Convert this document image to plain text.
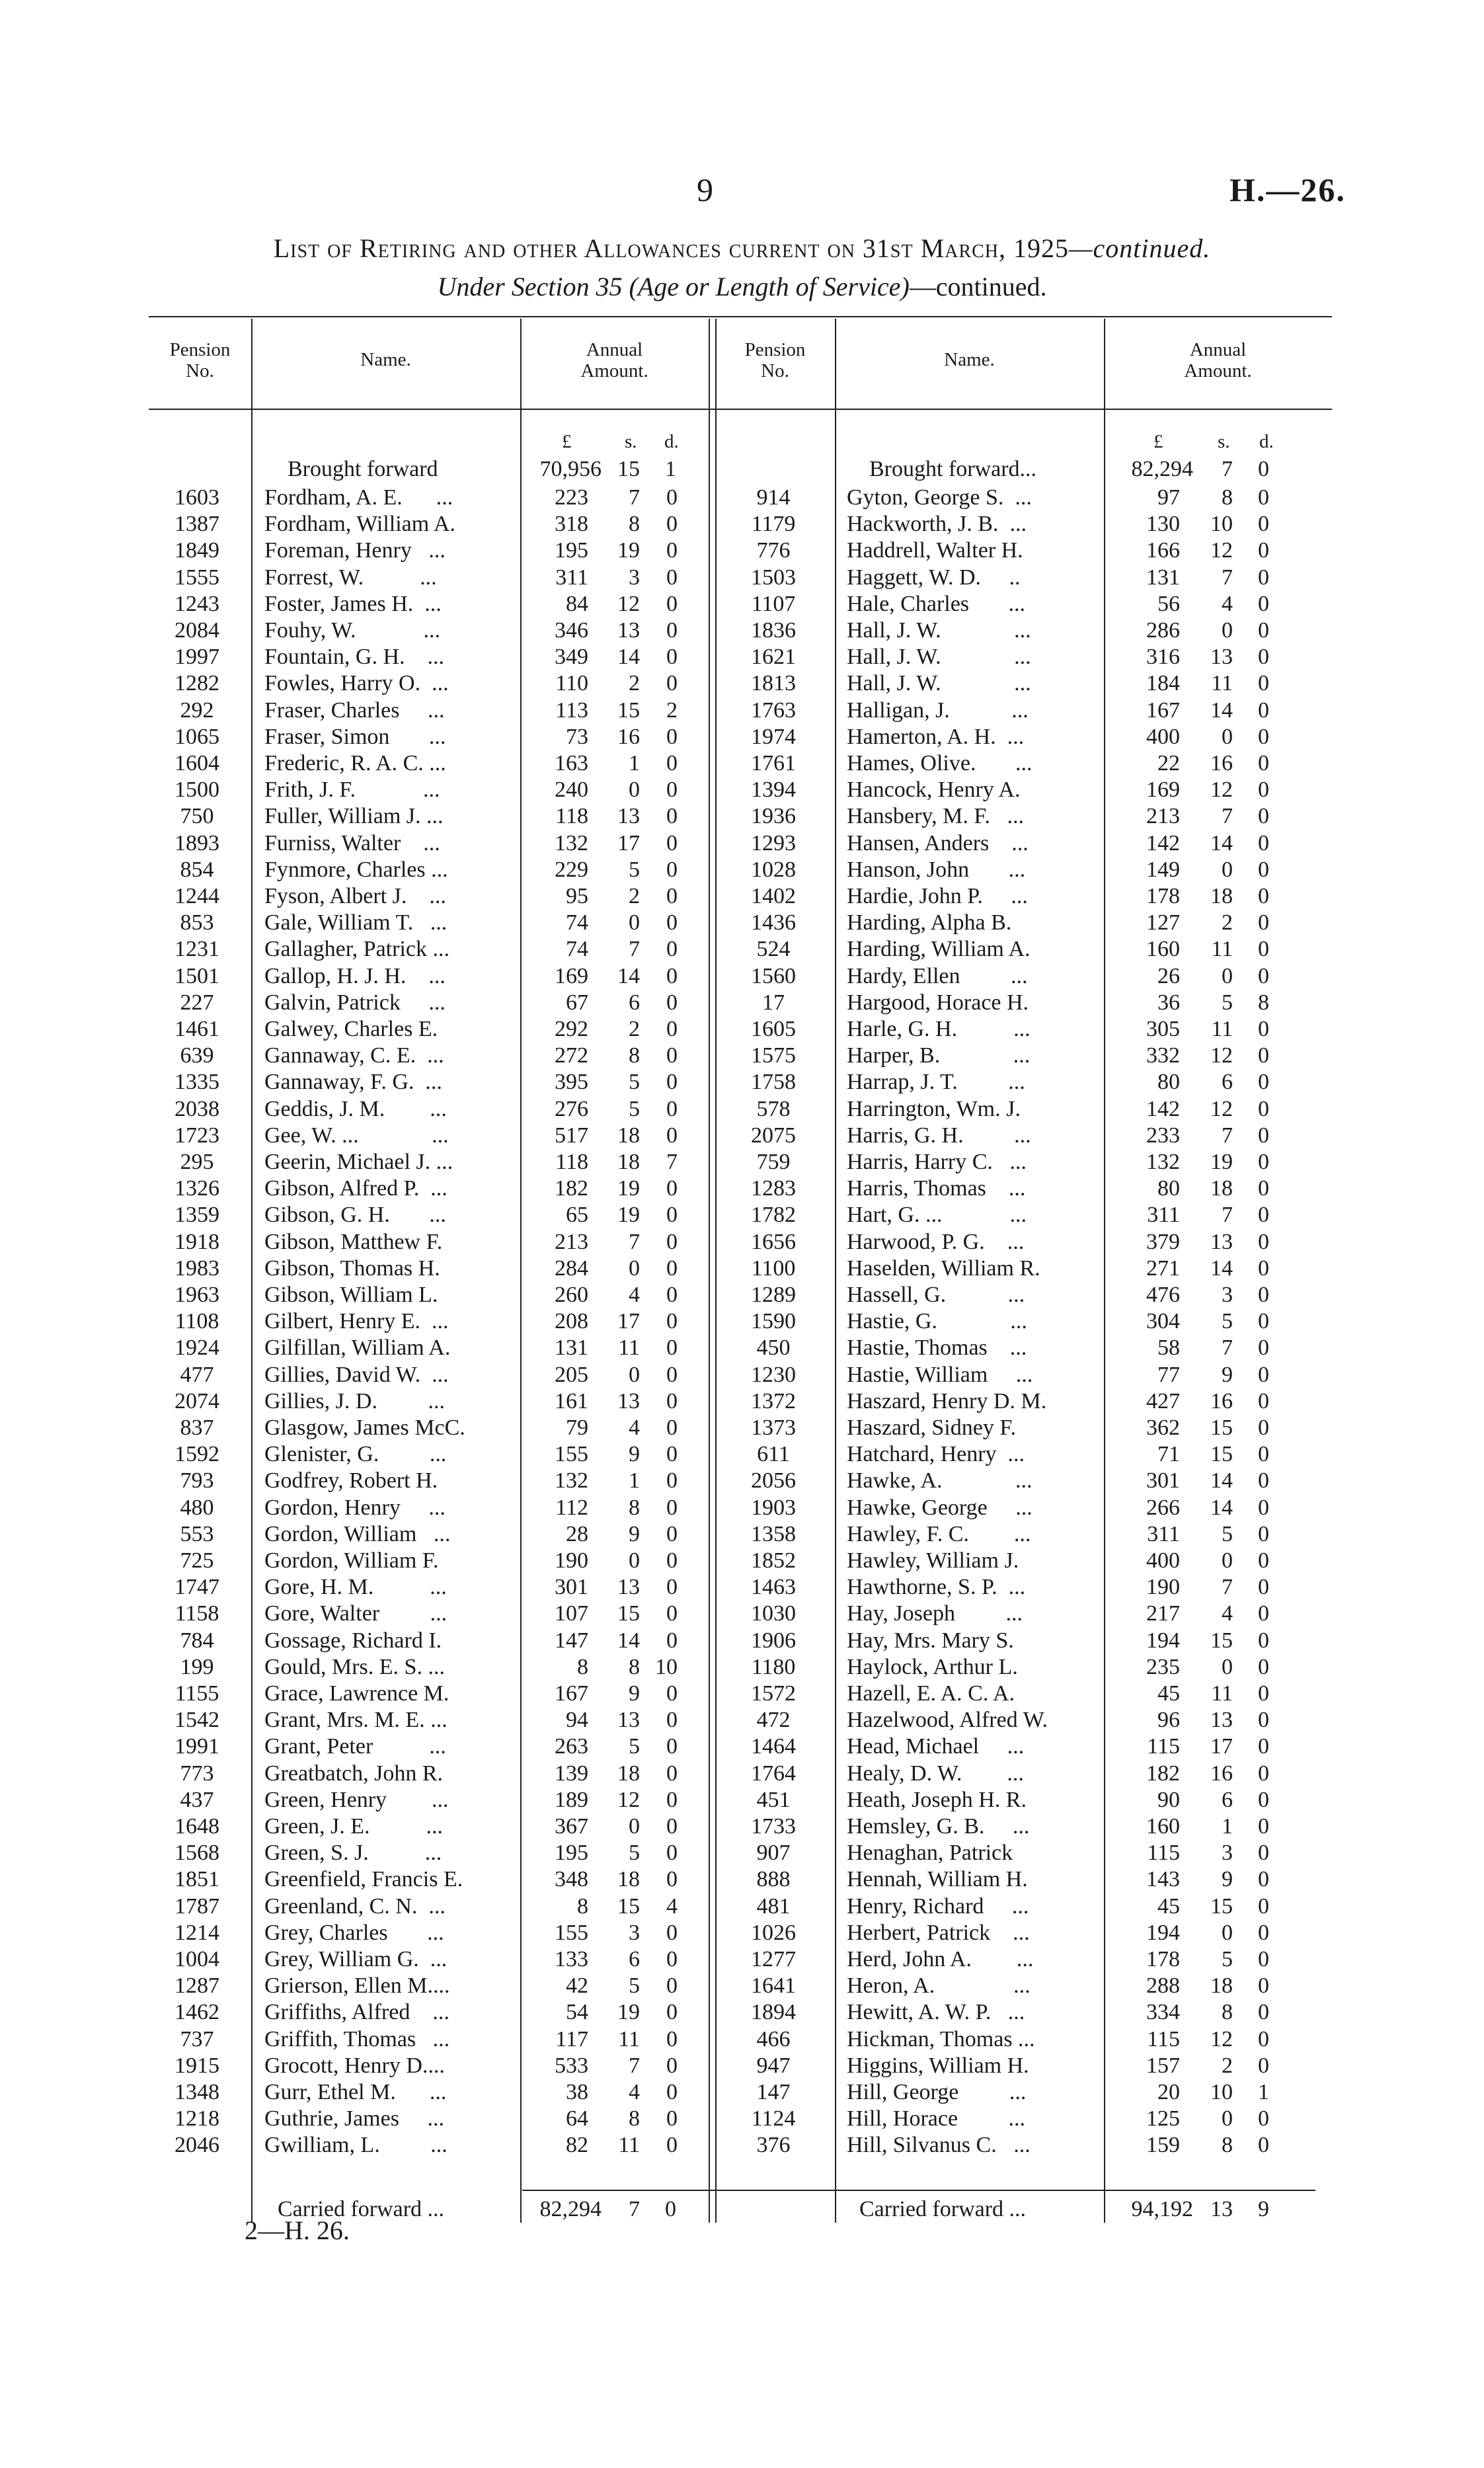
9	H.—26.
List of Retiring and other Allowances current on 31st March, 1925—continued.
Under Section 35 (Age or Length of Service)—continued.
Pension
No.
Name.	Annual
Amount.
Pension
No.
Name.	Annual
Amount.
£	s. d.	£	s. d.
Brought forward	70,956 15	1	Brought forward...	82,294	7	0
1603	Fordham, A. E.      ...	223	7	0
1387	Fordham, William A.	318	8	0
1849	Foreman, Henry   ...	195	19	0
1555	Forrest, W.          ...	311	3	0
1243	Foster, James H.  ...	84	12	0
2084	Fouhy, W.            ...	346	13	0
1997	Fountain, G. H.    ...	349	14	0
1282	Fowles, Harry O.  ...	110	2	0
292	Fraser, Charles     ...	113	15	2
1065	Fraser, Simon       ...	73	16	0
1604	Frederic, R. A. C. ...	163	1	0
1500	Frith, J. F.            ...	240	0	0
750	Fuller, William J. ...	118	13	0
1893	Furniss, Walter    ...	132	17	0
854	Fynmore, Charles ...	229	5	0
1244	Fyson, Albert J.    ...	95	2	0
853	Gale, William T.   ...	74	0	0
1231	Gallagher, Patrick ...	74	7	0
1501	Gallop, H. J. H.    ...	169	14	0
227	Galvin, Patrick     ...	67	6	0
1461	Galwey, Charles E.	292	2	0
639	Gannaway, C. E.  ...	272	8	0
1335	Gannaway, F. G.  ...	395	5	0
2038	Geddis, J. M.        ...	276	5	0
1723	Gee, W. ...             ...	517	18	0
295	Geerin, Michael J. ...	118	18	7
1326	Gibson, Alfred P.  ...	182	19	0
1359	Gibson, G. H.       ...	65	19	0
1918	Gibson, Matthew F.	213	7	0
1983	Gibson, Thomas H.	284	0	0
1963	Gibson, William L.	260	4	0
1108	Gilbert, Henry E.  ...	208	17	0
1924	Gilfillan, William A.	131	11	0
477	Gillies, David W.  ...	205	0	0
2074	Gillies, J. D.         ...	161	13	0
837	Glasgow, James McC.	79	4	0
1592	Glenister, G.         ...	155	9	0
793	Godfrey, Robert H.	132	1	0
480	Gordon, Henry     ...	112	8	0
553	Gordon, William   ...	28	9	0
725	Gordon, William F.	190	0	0
1747	Gore, H. M.          ...	301	13	0
1158	Gore, Walter         ...	107	15	0
784	Gossage, Richard I.	147	14	0
199	Gould, Mrs. E. S. ...	8	8 10
1155	Grace, Lawrence M.	167	9	0
1542	Grant, Mrs. M. E. ...	94	13	0
1991	Grant, Peter          ...	263	5	0
773	Greatbatch, John R.	139	18	0
437	Green, Henry        ...	189	12	0
1648	Green, J. E.          ...	367	0	0
1568	Green, S. J.          ...	195	5	0
1851	Greenfield, Francis E.	348	18	0
1787	Greenland, C. N.  ...	8	15	4
1214	Grey, Charles       ...	155	3	0
1004	Grey, William G.  ...	133	6	0
1287	Grierson, Ellen M....	42	5	0
1462	Griffiths, Alfred    ...	54	19	0
737	Griffith, Thomas   ...	117	11	0
1915	Grocott, Henry D....	533	7	0
1348	Gurr, Ethel M.      ...	38	4	0
1218	Guthrie, James     ...	64	8	0
2046	Gwilliam, L.         ...	82	11	0
914	Gyton, George S.  ...	97	8	0
1179	Hackworth, J. B.  ...	130	10	0
776	Haddrell, Walter H.	166	12	0
1503	Haggett, W. D.     ..	131	7	0
1107	Hale, Charles       ...	56	4	0
1836	Hall, J. W.             ...	286	0	0
1621	Hall, J. W.             ...	316	13	0
1813	Hall, J. W.             ...	184	11	0
1763	Halligan, J.           ...	167	14	0
1974	Hamerton, A. H.  ...	400	0	0
1761	Hames, Olive.       ...	22	16	0
1394	Hancock, Henry A.	169	12	0
1936	Hansbery, M. F.   ...	213	7	0
1293	Hansen, Anders    ...	142	14	0
1028	Hanson, John       ...	149	0	0
1402	Hardie, John P.     ...	178	18	0
1436	Harding, Alpha B.	127	2	0
524	Harding, William A.	160	11	0
1560	Hardy, Ellen         ...	26	0	0
17	Hargood, Horace H.	36	5	8
1605	Harle, G. H.          ...	305	11	0
1575	Harper, B.             ...	332	12	0
1758	Harrap, J. T.         ...	80	6	0
578	Harrington, Wm. J.	142	12	0
2075	Harris, G. H.         ...	233	7	0
759	Harris, Harry C.   ...	132	19	0
1283	Harris, Thomas    ...	80	18	0
1782	Hart, G. ...            ...	311	7	0
1656	Harwood, P. G.    ...	379	13	0
1100	Haselden, William R.	271	14	0
1289	Hassell, G.           ...	476	3	0
1590	Hastie, G.             ...	304	5	0
450	Hastie, Thomas    ...	58	7	0
1230	Hastie, William     ...	77	9	0
1372	Haszard, Henry D. M.	427	16	0
1373	Haszard, Sidney F.	362	15	0
611	Hatchard, Henry  ...	71	15	0
2056	Hawke, A.             ...	301	14	0
1903	Hawke, George     ...	266	14	0
1358	Hawley, F. C.        ...	311	5	0
1852	Hawley, William J.	400	0	0
1463	Hawthorne, S. P.  ...	190	7	0
1030	Hay, Joseph         ...	217	4	0
1906	Hay, Mrs. Mary S.	194	15	0
1180	Haylock, Arthur L.	235	0	0
1572	Hazell, E. A. C. A.	45	11	0
472	Hazelwood, Alfred W.	96	13	0
1464	Head, Michael     ...	115	17	0
1764	Healy, D. W.        ...	182	16	0
451	Heath, Joseph H. R.	90	6	0
1733	Hemsley, G. B.     ...	160	1	0
907	Henaghan, Patrick	115	3	0
888	Hennah, William H.	143	9	0
481	Henry, Richard     ...	45	15	0
1026	Herbert, Patrick    ...	194	0	0
1277	Herd, John A.        ...	178	5	0
1641	Heron, A.              ...	288	18	0
1894	Hewitt, A. W. P.   ...	334	8	0
466	Hickman, Thomas ...	115	12	0
947	Higgins, William H.	157	2	0
147	Hill, George         ...	20	10	1
1124	Hill, Horace         ...	125	0	0
376	Hill, Silvanus C.   ...	159	8	0
Carried forward ...	82,294	7	0	Carried forward ...	94,192 13	9
2—H. 26.
